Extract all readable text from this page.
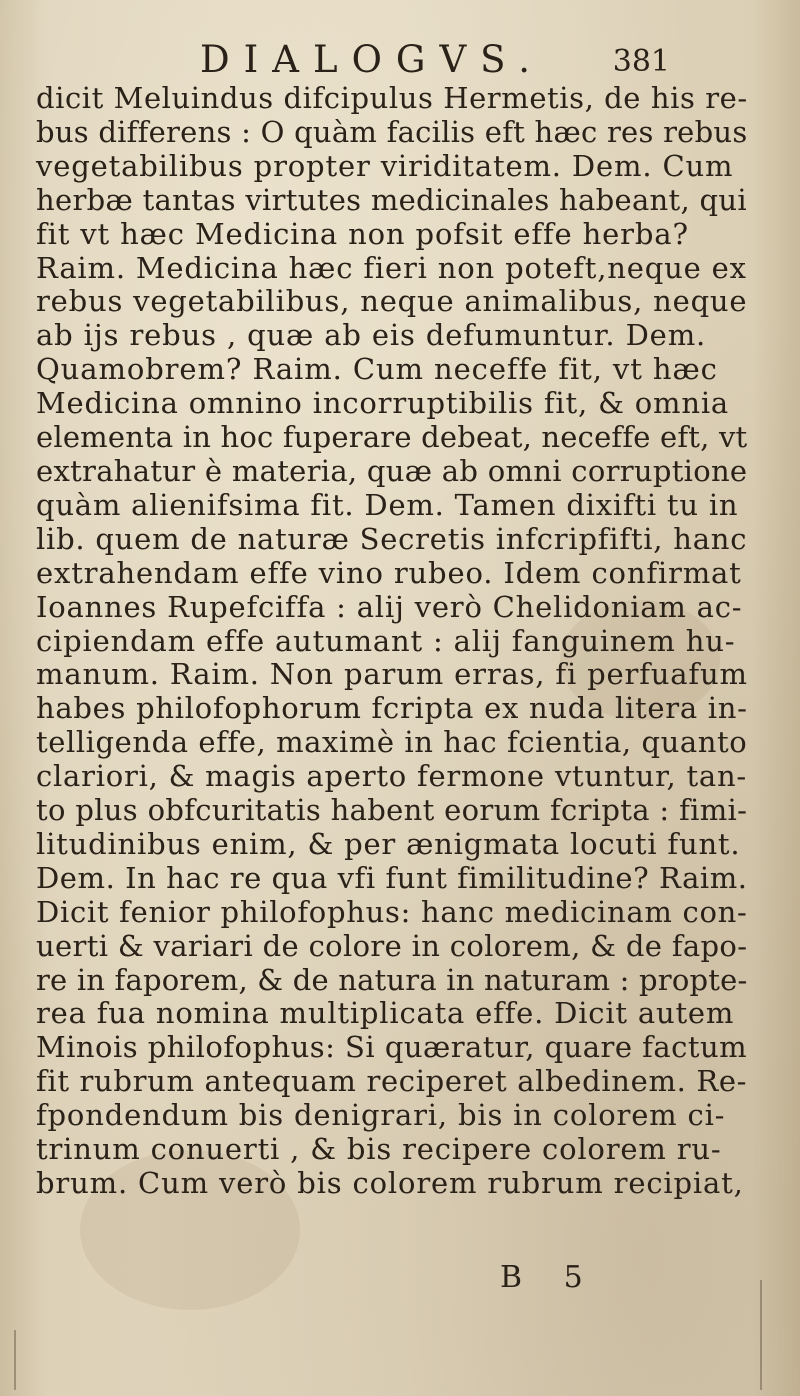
DIALOGVS. 381
dicit Meluindus difcipulus Hermetis, de his re-
bus differens : O quàm facilis eft hæc res rebus
vegetabilibus propter viriditatem. Dem. Cum
herbæ tantas virtutes medicinales habeant, qui
fit vt hæc Medicina non pofsit effe herba?
Raim. Medicina hæc fieri non poteft,neque ex
rebus vegetabilibus, neque animalibus, neque
ab ijs rebus , quæ ab eis defumuntur. Dem.
Quamobrem? Raim. Cum neceffe fit, vt hæc
Medicina omnino incorruptibilis fit, & omnia
elementa in hoc fuperare debeat, neceffe eft, vt
extrahatur è materia, quæ ab omni corruptione
quàm alienifsima fit. Dem. Tamen dixifti tu in
lib. quem de naturæ Secretis infcripfifti, hanc
extrahendam effe vino rubeo. Idem confirmat
Ioannes Rupefciffa : alij verò Chelidoniam ac-
cipiendam effe autumant : alij fanguinem hu-
manum. Raim. Non parum erras, fi perfuafum
habes philofophorum fcripta ex nuda litera in-
telligenda effe, maximè in hac fcientia, quanto
clariori, & magis aperto fermone vtuntur, tan-
to plus obfcuritatis habent eorum fcripta : fimi-
litudinibus enim, & per ænigmata locuti funt.
Dem. In hac re qua vfi funt fimilitudine? Raim.
Dicit fenior philofophus: hanc medicinam con-
uerti & variari de colore in colorem, & de fapo-
re in faporem, & de natura in naturam : propte-
rea fua nomina multiplicata effe. Dicit autem
Minois philofophus: Si quæratur, quare factum
fit rubrum antequam reciperet albedinem. Re-
fpondendum bis denigrari, bis in colorem ci-
trinum conuerti , & bis recipere colorem ru-
brum. Cum verò bis colorem rubrum recipiat,
B 5
